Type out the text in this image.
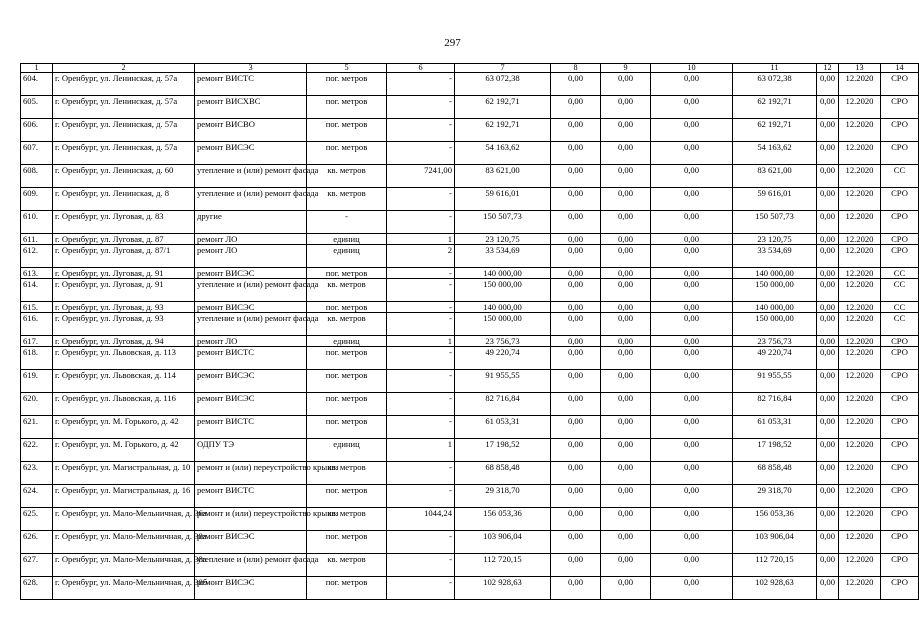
297
1	2	3	5	6	7	8	9	10	11	12	13	14
604.	г. Оренбург, ул. Ленинская, д. 57а	ремонт ВИСТС	пог. метров	-	63 072,38	0,00	0,00	0,00	63 072,38	0,00	12.2020	СРО
605.	г. Оренбург, ул. Ленинская, д. 57а	ремонт ВИСХВС	пог. метров	-	62 192,71	0,00	0,00	0,00	62 192,71	0,00	12.2020	СРО
606.	г. Оренбург, ул. Ленинская, д. 57а	ремонт ВИСВО	пог. метров	-	62 192,71	0,00	0,00	0,00	62 192,71	0,00	12.2020	СРО
607.	г. Оренбург, ул. Ленинская, д. 57а	ремонт ВИСЭС	пог. метров	-	54 163,62	0,00	0,00	0,00	54 163,62	0,00	12.2020	СРО
608.	г. Оренбург, ул. Ленинская, д. 60	утепление и (или) ремонт фасада	кв. метров	7241,00	83 621,00	0,00	0,00	0,00	83 621,00	0,00	12.2020	СС
609.	г. Оренбург, ул. Ленинская, д. 8	утепление и (или) ремонт фасада	кв. метров	-	59 616,01	0,00	0,00	0,00	59 616,01	0,00	12.2020	СРО
610.	г. Оренбург, ул. Луговая, д. 83	другие	-	-	150 507,73	0,00	0,00	0,00	150 507,73	0,00	12.2020	СРО
611.	г. Оренбург, ул. Луговая, д. 87	ремонт ЛО	единиц	1	23 120,75	0,00	0,00	0,00	23 120,75	0,00	12.2020	СРО
612.	г. Оренбург, ул. Луговая, д. 87/1	ремонт ЛО	единиц	2	33 534,69	0,00	0,00	0,00	33 534,69	0,00	12.2020	СРО
613.	г. Оренбург, ул. Луговая, д. 91	ремонт ВИСЭС	пог. метров	-	140 000,00	0,00	0,00	0,00	140 000,00	0,00	12.2020	СС
614.	г. Оренбург, ул. Луговая, д. 91	утепление и (или) ремонт фасада	кв. метров	-	150 000,00	0,00	0,00	0,00	150 000,00	0,00	12.2020	СС
615.	г. Оренбург, ул. Луговая, д. 93	ремонт ВИСЭС	пог. метров	-	140 000,00	0,00	0,00	0,00	140 000,00	0,00	12.2020	СС
616.	г. Оренбург, ул. Луговая, д. 93	утепление и (или) ремонт фасада	кв. метров	-	150 000,00	0,00	0,00	0,00	150 000,00	0,00	12.2020	СС
617.	г. Оренбург, ул. Луговая, д. 94	ремонт ЛО	единиц	1	23 756,73	0,00	0,00	0,00	23 756,73	0,00	12.2020	СРО
618.	г. Оренбург, ул. Львовская, д. 113	ремонт ВИСТС	пог. метров	-	49 220,74	0,00	0,00	0,00	49 220,74	0,00	12.2020	СРО
619.	г. Оренбург, ул. Львовская, д. 114	ремонт ВИСЭС	пог. метров	-	91 955,55	0,00	0,00	0,00	91 955,55	0,00	12.2020	СРО
620.	г. Оренбург, ул. Львовская, д. 116	ремонт ВИСЭС	пог. метров	-	82 716,84	0,00	0,00	0,00	82 716,84	0,00	12.2020	СРО
621.	г. Оренбург, ул. М. Горького, д. 42	ремонт ВИСТС	пог. метров	-	61 053,31	0,00	0,00	0,00	61 053,31	0,00	12.2020	СРО
622.	г. Оренбург, ул. М. Горького, д. 42	ОДПУ ТЭ	единиц	1	17 198,52	0,00	0,00	0,00	17 198,52	0,00	12.2020	СРО
623.	г. Оренбург, ул. Магистральная, д. 10	ремонт и (или) переустройство крыши	кв. метров	-	68 858,48	0,00	0,00	0,00	68 858,48	0,00	12.2020	СРО
624.	г. Оренбург, ул. Магистральная, д. 16	ремонт ВИСТС	пог. метров	-	29 318,70	0,00	0,00	0,00	29 318,70	0,00	12.2020	СРО
625.	г. Оренбург, ул. Мало-Мельничная, д. 36а	ремонт и (или) переустройство крыши	кв. метров	1044,24	156 053,36	0,00	0,00	0,00	156 053,36	0,00	12.2020	СРО
626.	г. Оренбург, ул. Мало-Мельничная, д. 38а	ремонт ВИСЭС	пог. метров	-	103 906,04	0,00	0,00	0,00	103 906,04	0,00	12.2020	СРО
627.	г. Оренбург, ул. Мало-Мельничная, д. 38а	утепление и (или) ремонт фасада	кв. метров	-	112 720,15	0,00	0,00	0,00	112 720,15	0,00	12.2020	СРО
628.	г. Оренбург, ул. Мало-Мельничная, д. 38б	ремонт ВИСЭС	пог. метров	-	102 928,63	0,00	0,00	0,00	102 928,63	0,00	12.2020	СРО
